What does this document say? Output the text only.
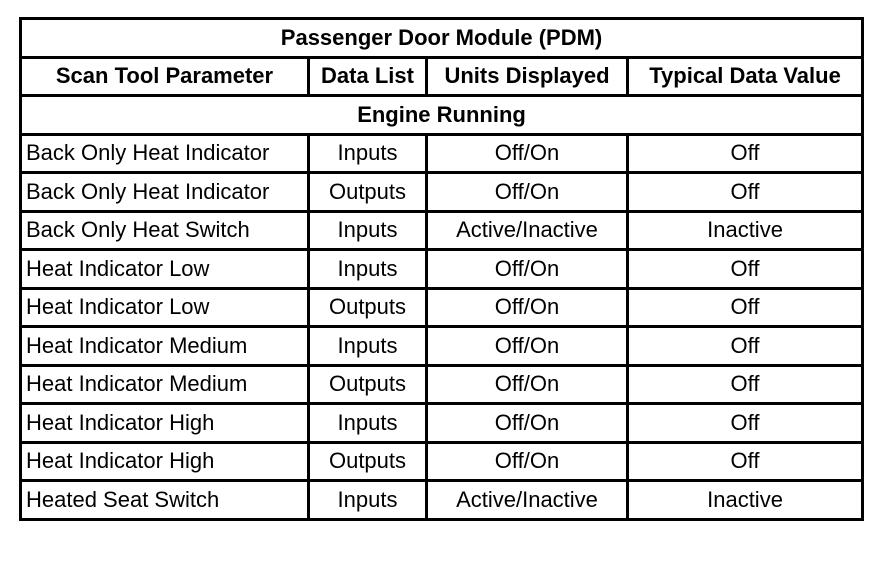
Passenger Door Module (PDM)			
Scan Tool Parameter	Data List	Units Displayed	Typical Data Value
Engine Running			
Back Only Heat Indicator	Inputs	Off/On	Off
Back Only Heat Indicator	Outputs	Off/On	Off
Back Only Heat Switch	Inputs	Active/Inactive	Inactive
Heat Indicator Low	Inputs	Off/On	Off
Heat Indicator Low	Outputs	Off/On	Off
Heat Indicator Medium	Inputs	Off/On	Off
Heat Indicator Medium	Outputs	Off/On	Off
Heat Indicator High	Inputs	Off/On	Off
Heat Indicator High	Outputs	Off/On	Off
Heated Seat Switch	Inputs	Active/Inactive	Inactive
